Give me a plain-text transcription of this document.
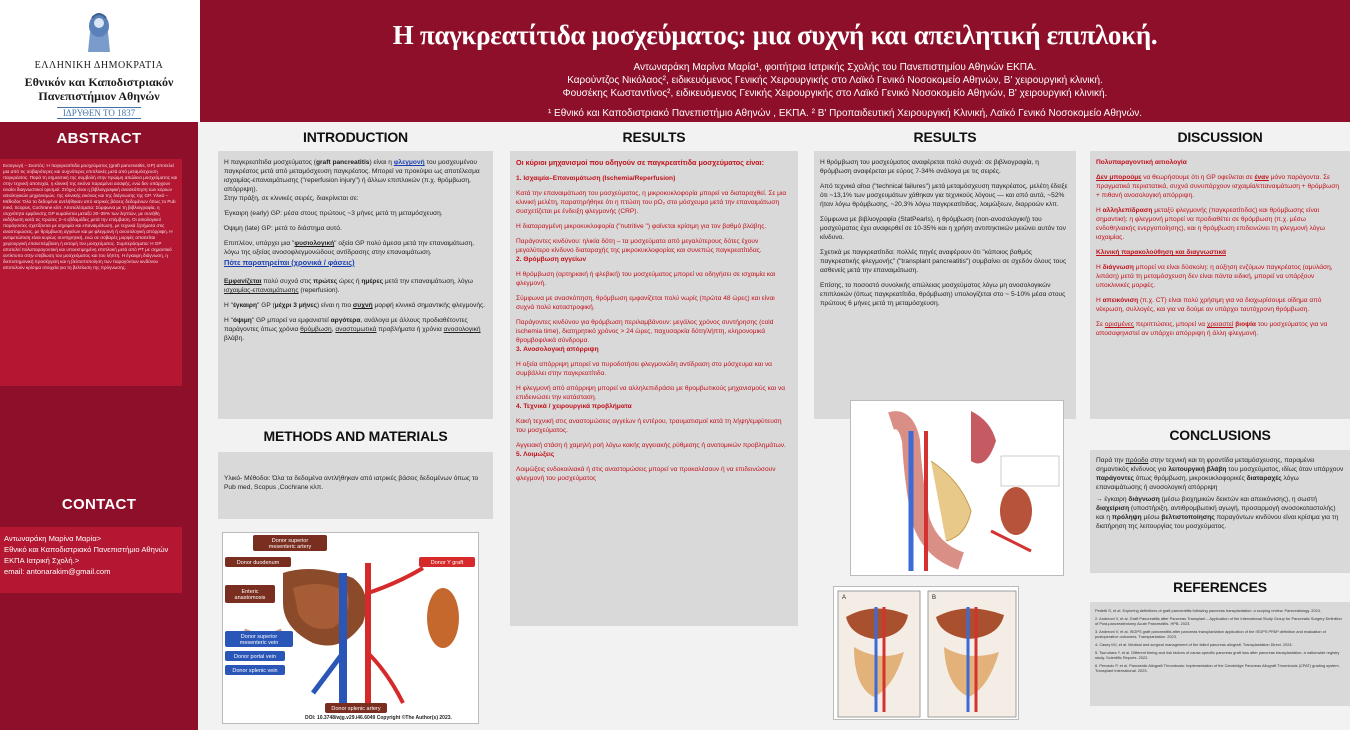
ΕΛΛΗΝΙΚΗ ΔΗΜΟΚΡΑΤΙΑ
Εθνικόν και Καποδιστριακόν
Πανεπιστήμιον Αθηνών
ΙΔΡΥΘΕΝ ΤΟ 1837
Η παγκρεατίτιδα μοσχεύματος: μια συχνή και απειλητική επιπλοκή.
Αντωναράκη Μαρίνα Μαρία¹, φοιτήτρια Ιατρικής Σχολής του Πανεπιστημίου Αθηνών ΕΚΠΑ.
Καρούντζος Νικόλαος², ειδικευόμενος Γενικής Χειρουργικής στο Λαϊκό Γενικό Νοσοκομείο Αθηνών, Β' χειρουργική κλινική.
Φουσέκης Κωσταντίνος², ειδικευόμενος Γενικής Χειρουργικής στο Λαϊκό Γενικό Νοσοκομείο Αθηνών, Β' χειρουργική κλινική.
¹ Εθνικό και Καποδιστριακό Πανεπιστήμιο Αθηνών , ΕΚΠΑ. ² Β' Προπαιδευτική Χειρουργική Κλινική, Λαϊκό Γενικό Νοσοκομείο Αθηνών.
ABSTRACT
Εισαγωγή – Σκοπός: Η παγκρεατίτιδα μοσχεύματος (graft pancreatitis, GP) αποτελεί μια από τις σοβαρότερες και συχνότερες επιπλοκές μετά από μεταμόσχευση παγκρέατος. Παρά τη σημαντική της συμβολή στην πρώιμη απώλεια μοσχεύματος και στην τεχνική αποτυχία, η κλινική της εικόνα παραμένει ασαφής, ενώ δεν υπάρχουν ενιαίοι διαγνωστικοί ορισμοί. Στόχος είναι η βιβλιογραφική ανασκόπηση των κύριων αιτιολογικών μηχανισμών, της κλινικής εικόνας και της διάγνωσης της GP. Υλικό – Μέθοδοι: Όλα τα δεδομένα αντλήθηκαν από ιατρικές βάσεις δεδομένων όπως το Pub med, Scopus, Cochrane κλπ. Αποτελέσματα: Σύμφωνα με τη βιβλιογραφία, η συχνότητα εμφάνισης GP κυμαίνεται μεταξύ 20–35% των ληπτών, με συνήθη εκδήλωση κατά τις πρώτες 2–4 εβδομάδες μετά την επέμβαση. Οι αιτιολογικοί παράγοντες σχετίζονται με ισχαιμία και επαναιμάτωση, με τεχνικά ζητήματα στις αναστομώσεις, με θρόμβωση αγγείων και με φλεγμονή ή ανοσολογική απόρριψη. Η αντιμετώπιση είναι κυρίως συντηρητική, ενώ σε σοβαρές μορφές απαιτείται χειρουργική επανεπέμβαση ή εκτομή του μοσχεύματος. Συμπεράσματα: Η GP αποτελεί πολυπαραγοντική και υποεκτιμημένη επιπλοκή μετά από ΡΤ με σημαντικό αντίκτυπο στην επιβίωση του μοσχεύματος και του λήπτη. Η έγκαιρη διάγνωση, η διεπιστημονική προσέγγιση και η βελτιστοποίηση των παραγόντων κινδύνου αποτελούν κρίσιμα στοιχεία για τη βελτίωση της πρόγνωσης.
CONTACT
Αντωναράκη Μαρίνα Μαρία>
Εθνικό και Καποδιστριακό Πανεπιστήμιο Αθηνών
ΕΚΠΑ Ιατρική Σχολή.>
email: antonarakim@gmail.com
INTRODUCTION

Η παγκρεατίτιδα μοσχεύματος (graft pancreatitis) είναι η φλεγμονή του μοσχευμένου παγκρέατος μετά από μεταμόσχευση παγκρέατος. Μπορεί να προκύψει ως αποτέλεσμα ισχαιμίας-επαναιμάτωσης ("reperfusion injury") ή άλλων επιπλοκών (π.χ. θρόμβωση, απόρριψη).
Στην πράξη, σε κλινικές σειρές, διακρίνεται σε:

Έγκαιρη (early) GP: μέσα στους πρώτους ~3 μήνες μετά τη μεταμόσχευση.

Όψιμη (late) GP: μετά το διάστημα αυτό.

Επιπλέον, υπάρχει μια "φυσιολογική" οξεία GP πολύ άμεσα μετά την επαναιμάτωση, λόγω της οξείας ανοσοφλεγμονώδους αντίδρασης στην επαναιμάτωση.

Πότε παρατηρείται (χρονικά / φάσεις)

Εμφανίζεται πολύ συχνά στις πρώτες ώρες ή ημέρες μετά την επαναιμάτωση, λόγω ισχαιμίας-επαναιμάτωσης (reperfusion).

Η "έγκαιρη" GP (μέχρι 3 μήνες) είναι η πιο συχνή μορφή κλινικά σημαντικής φλεγμονής.

Η "όψιμη" GP μπορεί να εμφανιστεί αργότερα, ανάλογα με άλλους προδιαθέτοντες παράγοντες όπως χρόνια θρόμβωση, αναστομωτικά προβλήματα ή χρόνια ανοσολογική βλάβη.

METHODS AND MATERIALS

Υλικό- Μέθοδοι: Όλα τα δεδομένα αντλήθηκαν από ιατρικές βάσεις δεδομένων όπως το Pub med, Scopus ,Cochrane κλπ.

Donor superior
mesenteric artery
Donor duodenum
Enteric
anastomosis
Donor superior
mesenteric vein
Donor portal vein
Donor splenic vein
Donor Y graft
Donor splenic artery
DOI: 10.3748/wjg.v29.i46.6049 Copyright ©The Author(s) 2023.
RESULTS

Οι κύριοι μηχανισμοί που οδηγούν σε παγκρεατίτιδα μοσχεύματος είναι:

1. Ισχαιμία–Επαναιμάτωση (Ischemia/Reperfusion)

Κατά την επαναιμάτωση του μοσχεύματος, η μικροκυκλοφορία μπορεί να διαταραχθεί. Σε μια κλινική μελέτη, παρατηρήθηκε ότι η πτώση του pO₂ στο μόσχευμα μετά την επαναιμάτωση συσχετίζεται με ένδειξη φλεγμονής (CRP).

Η διαταραγμένη μικροκυκλοφορία ("nutritive ") φαίνεται κρίσιμη για τον βαθμό βλάβης.

Παράγοντες κινδύνου: ηλικία δότη – τα μοσχεύματα από μεγαλύτερους δότες έχουν μεγαλύτερο κίνδυνο διαταραχής της μικροκυκλοφορίας και συνεπώς παγκρεατίτιδας.

2. Θρόμβωση αγγείων

Η θρόμβωση (αρτηριακή ή φλεβική) του μοσχεύματος μπορεί να οδηγήσει σε ισχαιμία και φλεγμονή.

Σύμφωνα με ανασκόπηση, θρόμβωση εμφανίζεται πολύ νωρίς (πρώτα 48 ώρες) και είναι συχνά πολύ καταστροφική.

Παράγοντες κινδύνου για θρόμβωση περιλαμβάνουν: μεγάλος χρόνος συντήρησης (cold ischemia time), διατηρητικό χρόνος > 24 ώρες, παχυσαρκία δότη/λήπτη, κληρονομικά θρομβοφιλικά σύνδρομα.

3. Ανοσολογική απόρριψη

Η οξεία απόρριψη μπορεί να πυροδοτήσει φλεγμονώδη αντίδραση στο μόσχευμα και να συμβάλλει στην παγκρεατίτιδα.

Η φλεγμονή από απόρριψη μπορεί να αλληλεπιδράσει με θρομβωτικούς μηχανισμούς και να επιδεινώσει την κατάσταση.

4. Τεχνικά / χειρουργικά προβλήματα

Κακή τεχνική στις αναστομώσεις αγγείων ή εντέρου, τραυματισμοί κατά τη λήψη/εμφύτευση του μοσχεύματος.

Αγγειακή στάση ή χαμηλή ροή λόγω κακής αγγειακής ρύθμισης ή ανατομικών προβλημάτων.

5. Λοιμώξεις

Λοιμώξεις ενδοκοιλιακά ή στις αναστομώσεις μπορεί να προκαλέσουν ή να επιδεινώσουν φλεγμονή του μοσχεύματος

RESULTS

Η θρόμβωση του μοσχεύματος αναφέρεται πολύ συχνά: σε βιβλιογραφία, η θρόμβωση αναφέρεται με εύρος 7-34% ανάλογα με τις σειρές.

Από τεχνικά αίτια ("technical failures") μετά μεταμόσχευση παγκρέατος, μελέτη έδειξε ότι ~13,1% των μοσχευμάτων χάθηκαν για τεχνικούς λόγους — και από αυτά, ~52% ήταν λόγω θρόμβωσης, ~20,3% λόγω παγκρεατίτιδας, λοιμώξεων, διαρροών κλπ.

Σύμφωνα με βιβλιογραφία (StatPearls), η θρόμβωση (non-ανοσολογική) του μοσχεύματος έχει αναφερθεί σε 10-35% και η χρήση αντιπηκτικών μειώνει αυτόν τον κίνδυνο.

Σχετικά με παγκρεατίτιδα: πολλές πηγές αναφέρουν ότι "κάποιος βαθμός παγκρεατικής φλεγμονής" ("transplant pancreatitis") συμβαίνει σε σχεδόν όλους τους ασθενείς μετά την επαναιμάτωση.

Επίσης, το ποσοστό συνολικής απώλειας μοσχεύματος λόγω μη ανοσολογικών επιπλοκών (όπως παγκρεατίτιδα, θρόμβωση) υπολογίζεται στο ~ 5-10% μέσα στους πρώτους 6 μήνες μετά τη μεταμόσχευση.

A	B
DISCUSSION

Πολυπαραγοντική αιτιολογία

Δεν μπορούμε να θεωρήσουμε ότι η GP οφείλεται σε έναν μόνο παράγοντα. Σε πραγματικά περιστατικά, συχνά συνυπάρχουν ισχαιμία/επαναιμάτωση + θρόμβωση + πιθανή ανοσολογική απόρριψη.

Η αλληλεπίδραση μεταξύ φλεγμονής (παγκρεατίτιδας) και θρόμβωσης είναι σημαντική: η φλεγμονή μπορεί να προδιαθέτει σε θρόμβωση (π.χ. μέσω ενδοθηλιακής ενεργοποίησης), και η θρόμβωση επιδεινώνει τη φλεγμονή λόγω ισχαιμίας.

Κλινική παρακολούθηση και διαγνωστικά

Η διάγνωση μπορεί να είναι δύσκολη: η αύξηση ενζύμων παγκρέατος (αμυλάση, λιπάση) μετά τη μεταμόσχευση δεν είναι πάντα ειδική, μπορεί να υπάρξουν υποκλινικές μορφές.

Η απεικόνιση (π.χ. CT) είναι πολύ χρήσιμη για να διαχωρίσουμε οίδημα από νέκρωση, συλλογές, και για να δούμε αν υπάρχει ταυτόχρονη θρόμβωση.

Σε ορισμένες περιπτώσεις, μπορεί να χρειαστεί βιοψία του μοσχεύματος για να αποσαφηνιστεί αν υπάρχει απόρριψη ή άλλη φλεγμονή.

CONCLUSIONS

Παρά την πρόοδο στην τεχνική και τη φροντίδα μεταμόσχευσης, παραμένει σημαντικός κίνδυνος για λειτουργική βλάβη του μοσχεύματος, ιδίως όταν υπάρχουν παράγοντες όπως θρόμβωση, μικροκυκλοφορικές διαταραχές λόγω επαναιμάτωσης ή ανοσολογική απόρριψη

→ έγκαιρη διάγνωση (μέσω βιοχημικών δεικτών και απεικόνισης), η σωστή διαχείριση (υποστήριξη, αντιθρομβωτική αγωγή, προσαρμογή ανοσοκαταστολής) και η πρόληψη μέσω βελτιστοποίησης παραγόντων κινδύνου είναι κρίσιμα για τη διατήρηση της λειτουργίας του μοσχεύματος.

REFERENCES
Pedetti S, et al. Exploring definitions of graft pancreatitis following pancreas transplantation: a scoping review. Pancreatology. 2024.
2. Andreoni V, et al. Graft Pancreatitis after Pancreas Transplant – Application of the International Study Group for Pancreatic Surgery Definition of Post-pancreatectomy Acute Pancreatitis. HPB. 2023.
3. Andreoni V, et al. ISGPS graft pancreatitis after pancreas transplantation application of the ISGPS PPAP definition and evaluation of postoperative outcomes. Transplantation. 2023.
4. Casey MJ, et al. Medical and surgical management of the failed pancreas allograft. Transplantation Direct. 2024.
5. Tsuruhara Y, et al. Different timing and risk factors of cause-specific pancreas graft loss after pancreas transplantation: a nationwide registry study. Scientific Reports. 2022.
6. Peroscic P, et al. Pancreatic Allograft Thrombosis: Implementation of the Cambridge Pancreas Allograft Thrombosis (CPAT) grading system. Transplant International. 2023.
